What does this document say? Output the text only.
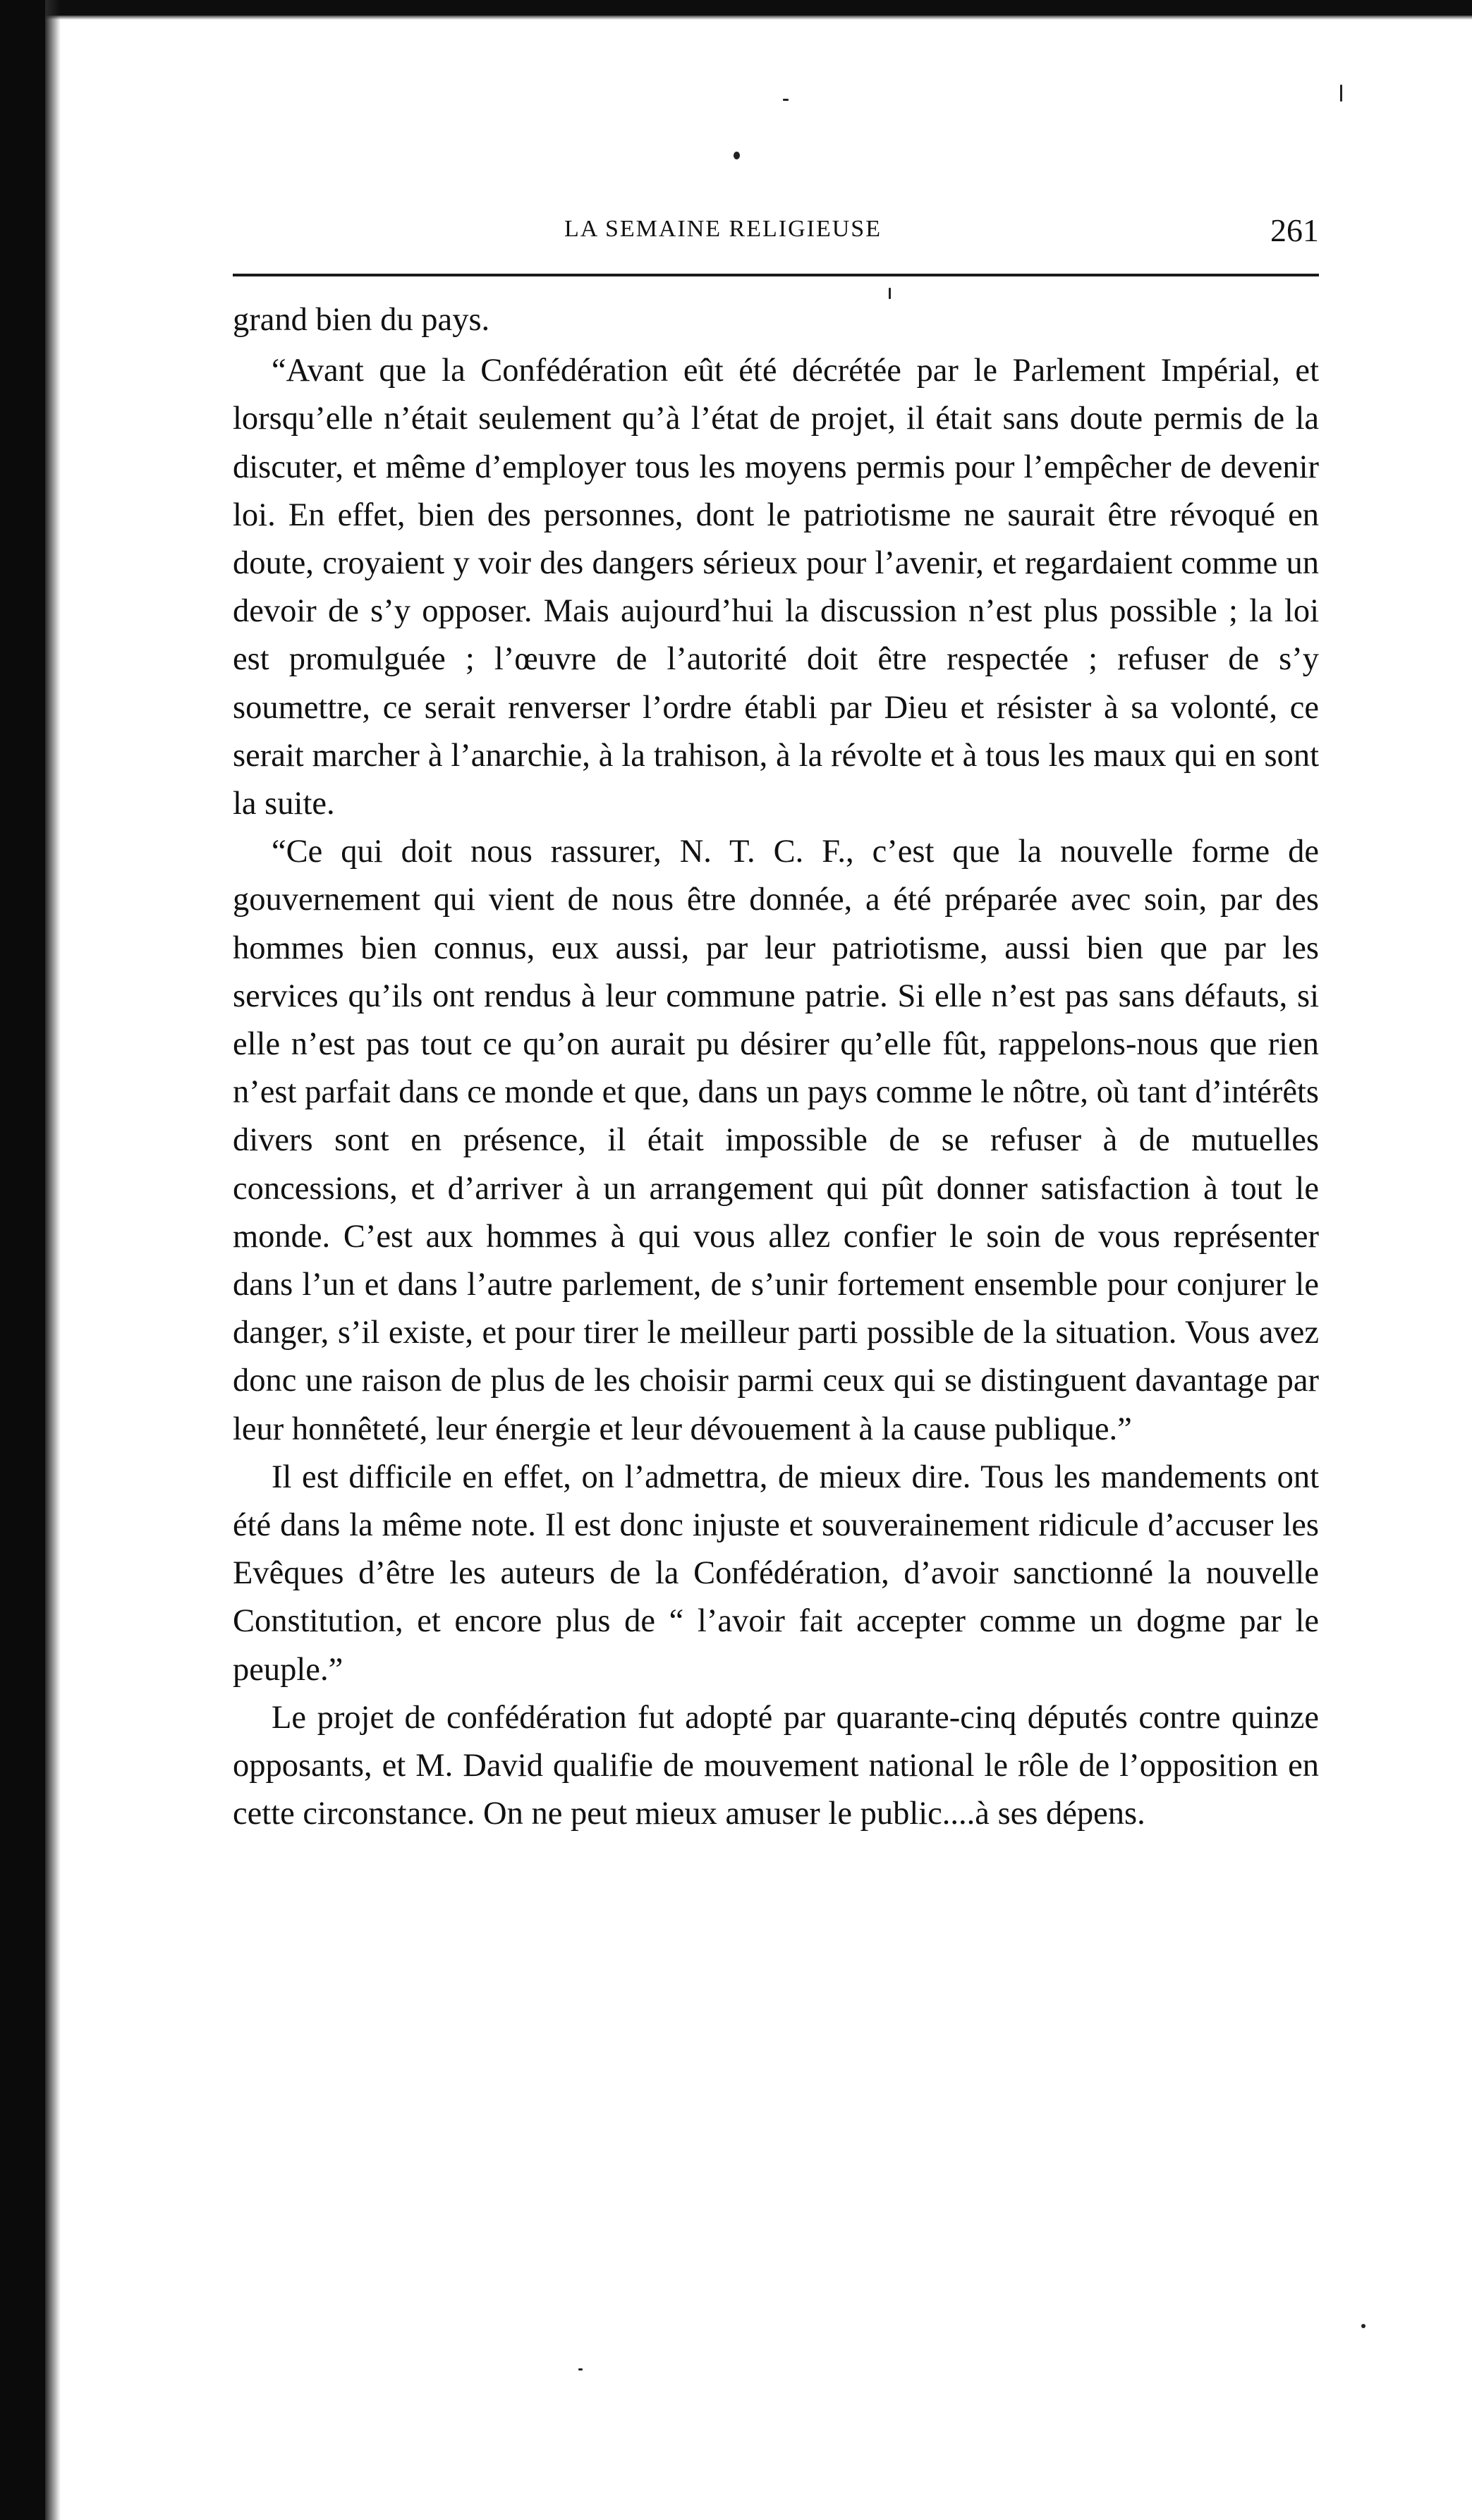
LA SEMAINE RELIGIEUSE	261

grand bien du pays.

“Avant que la Confédération eût été décrétée par le Parlement Impérial, et lorsqu’elle n’était seulement qu’à l’état de projet, il était sans doute permis de la discuter, et même d’employer tous les moyens permis pour l’empêcher de devenir loi. En effet, bien des personnes, dont le patriotisme ne saurait être révoqué en doute, croyaient y voir des dangers sérieux pour l’avenir, et regardaient comme un devoir de s’y opposer. Mais aujourd’hui la discussion n’est plus possible ; la loi est promulguée ; l’œuvre de l’autorité doit être respectée ; refuser de s’y soumettre, ce serait renverser l’ordre établi par Dieu et résister à sa volonté, ce serait marcher à l’anarchie, à la trahison, à la révolte et à tous les maux qui en sont la suite.

“Ce qui doit nous rassurer, N. T. C. F., c’est que la nouvelle forme de gouvernement qui vient de nous être donnée, a été préparée avec soin, par des hommes bien connus, eux aussi, par leur patriotisme, aussi bien que par les services qu’ils ont rendus à leur commune patrie. Si elle n’est pas sans défauts, si elle n’est pas tout ce qu’on aurait pu désirer qu’elle fût, rappelons-nous que rien n’est parfait dans ce monde et que, dans un pays comme le nôtre, où tant d’intérêts divers sont en présence, il était impossible de se refuser à de mutuelles concessions, et d’arriver à un arrangement qui pût donner satisfaction à tout le monde. C’est aux hommes à qui vous allez confier le soin de vous représenter dans l’un et dans l’autre parlement, de s’unir fortement ensemble pour conjurer le danger, s’il existe, et pour tirer le meilleur parti possible de la situation. Vous avez donc une raison de plus de les choisir parmi ceux qui se distinguent davantage par leur honnêteté, leur énergie et leur dévouement à la cause publique.”

Il est difficile en effet, on l’admettra, de mieux dire. Tous les mandements ont été dans la même note. Il est donc injuste et souverainement ridicule d’accuser les Evêques d’être les auteurs de la Confédération, d’avoir sanctionné la nouvelle Constitution, et encore plus de “ l’avoir fait accepter comme un dogme par le peuple.”

Le projet de confédération fut adopté par quarante-cinq députés contre quinze opposants, et M. David qualifie de mouvement national le rôle de l’opposition en cette circonstance. On ne peut mieux amuser le public....à ses dépens.
